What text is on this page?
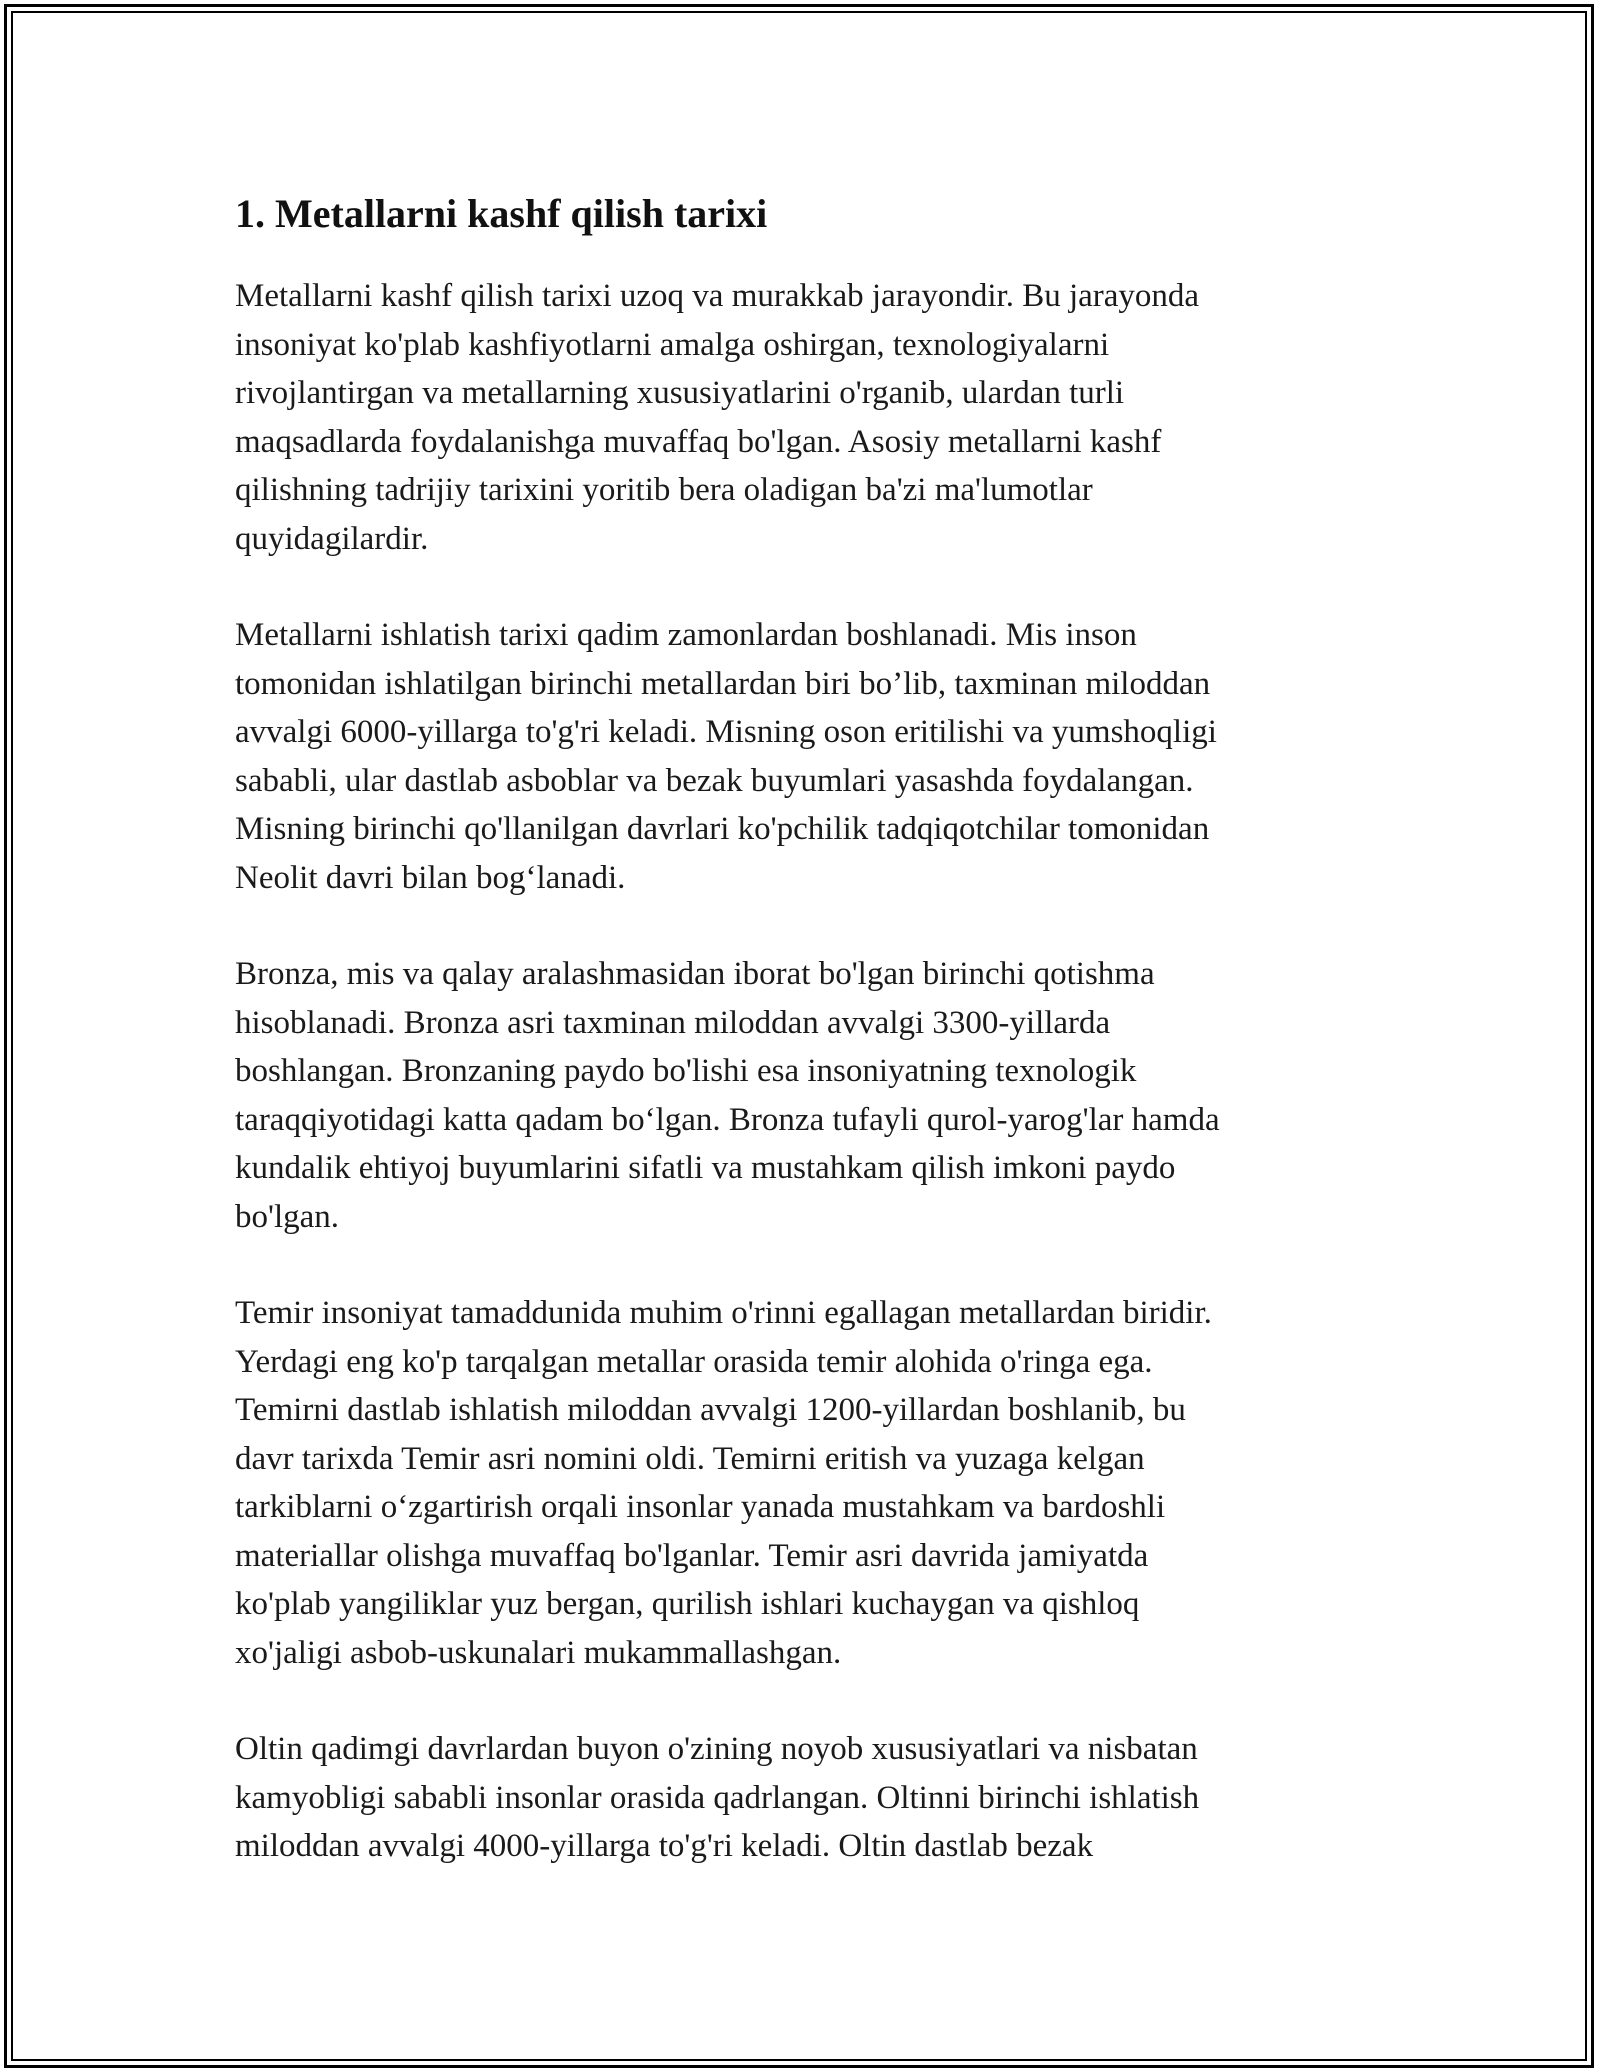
1. Metallarni kashf qilish tarixi

Metallarni kashf qilish tarixi uzoq va murakkab jarayondir. Bu jarayonda
insoniyat ko'plab kashfiyotlarni amalga oshirgan, texnologiyalarni
rivojlantirgan va metallarning xususiyatlarini o'rganib, ulardan turli
maqsadlarda foydalanishga muvaffaq bo'lgan. Asosiy metallarni kashf
qilishning tadrijiy tarixini yoritib bera oladigan ba'zi ma'lumotlar
quyidagilardir.

Metallarni ishlatish tarixi qadim zamonlardan boshlanadi. Mis inson
tomonidan ishlatilgan birinchi metallardan biri bo’lib, taxminan miloddan
avvalgi 6000-yillarga to'g'ri keladi. Misning oson eritilishi va yumshoqligi
sababli, ular dastlab asboblar va bezak buyumlari yasashda foydalangan.
Misning birinchi qo'llanilgan davrlari ko'pchilik tadqiqotchilar tomonidan
Neolit davri bilan bog‘lanadi.

Bronza, mis va qalay aralashmasidan iborat bo'lgan birinchi qotishma
hisoblanadi. Bronza asri taxminan miloddan avvalgi 3300-yillarda
boshlangan. Bronzaning paydo bo'lishi esa insoniyatning texnologik
taraqqiyotidagi katta qadam bo‘lgan. Bronza tufayli qurol-yarog'lar hamda
kundalik ehtiyoj buyumlarini sifatli va mustahkam qilish imkoni paydo
bo'lgan.

Temir insoniyat tamaddunida muhim o'rinni egallagan metallardan biridir.
Yerdagi eng ko'p tarqalgan metallar orasida temir alohida o'ringa ega.
Temirni dastlab ishlatish miloddan avvalgi 1200-yillardan boshlanib, bu
davr tarixda Temir asri nomini oldi. Temirni eritish va yuzaga kelgan
tarkiblarni o‘zgartirish orqali insonlar yanada mustahkam va bardoshli
materiallar olishga muvaffaq bo'lganlar. Temir asri davrida jamiyatda
ko'plab yangiliklar yuz bergan, qurilish ishlari kuchaygan va qishloq
xo'jaligi asbob-uskunalari mukammallashgan.

Oltin qadimgi davrlardan buyon o'zining noyob xususiyatlari va nisbatan
kamyobligi sababli insonlar orasida qadrlangan. Oltinni birinchi ishlatish
miloddan avvalgi 4000-yillarga to'g'ri keladi. Oltin dastlab bezak
